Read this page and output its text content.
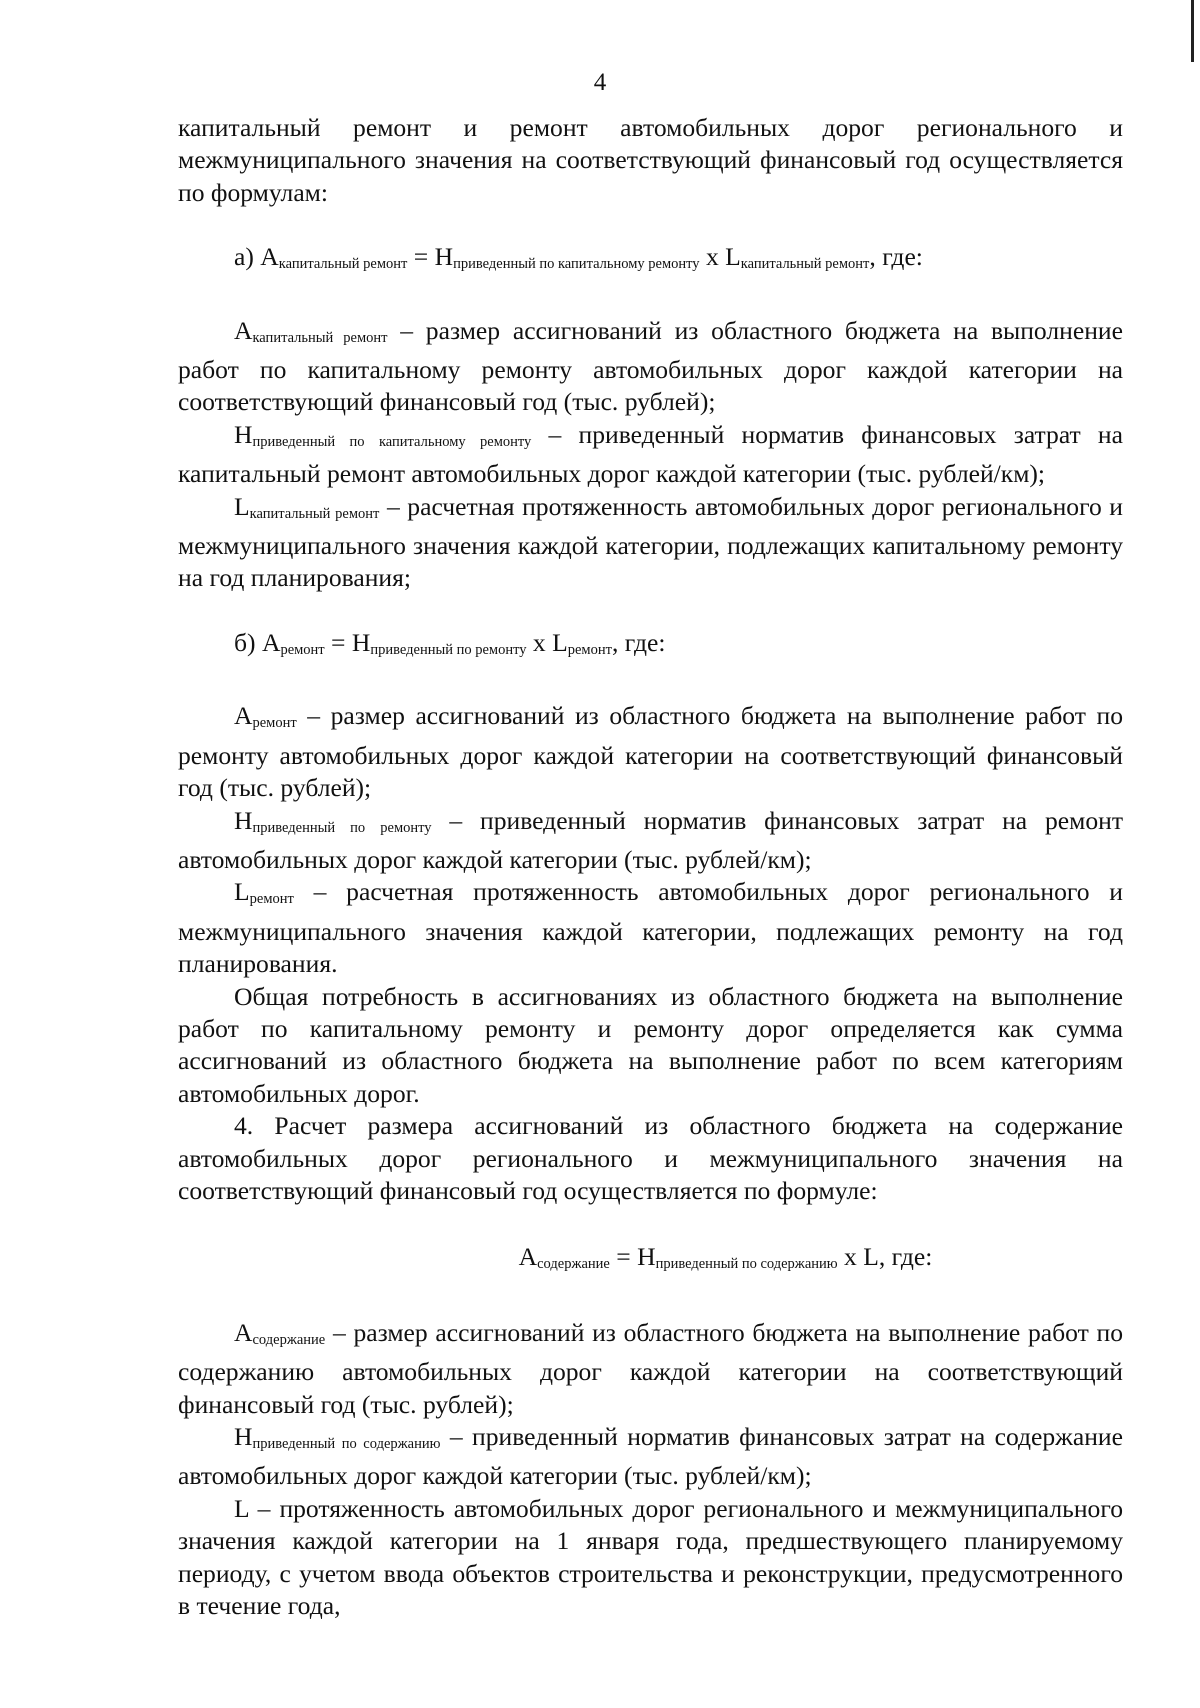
4

капитальный ремонт и ремонт автомобильных дорог регионального и межмуниципального значения на соответствующий финансовый год осуществляется по формулам:

а) $A_{капитальный ремонт} = H_{приведенный по капитальному ремонту}$ x $L_{капитальный ремонт}$, где:

$A_{капитальный ремонт}$ – размер ассигнований из областного бюджета на выполнение работ по капитальному ремонту автомобильных дорог каждой категории на соответствующий финансовый год (тыс. рублей);

$H_{приведенный по капитальному ремонту}$ – приведенный норматив финансовых затрат на капитальный ремонт автомобильных дорог каждой категории (тыс. рублей/км);

$L_{капитальный ремонт}$ – расчетная протяженность автомобильных дорог регионального и межмуниципального значения каждой категории, подлежащих капитальному ремонту на год планирования;

б) $A_{ремонт} = H_{приведенный по ремонту}$ x $L_{ремонт}$, где:

$A_{ремонт}$ – размер ассигнований из областного бюджета на выполнение работ по ремонту автомобильных дорог каждой категории на соответствующий финансовый год (тыс. рублей);

$H_{приведенный по ремонту}$ – приведенный норматив финансовых затрат на ремонт автомобильных дорог каждой категории (тыс. рублей/км);

$L_{ремонт}$ – расчетная протяженность автомобильных дорог регионального и межмуниципального значения каждой категории, подлежащих ремонту на год планирования.

Общая потребность в ассигнованиях из областного бюджета на выполнение работ по капитальному ремонту и ремонту дорог определяется как сумма ассигнований из областного бюджета на выполнение работ по всем категориям автомобильных дорог.

4. Расчет размера ассигнований из областного бюджета на содержание автомобильных дорог регионального и межмуниципального значения на соответствующий финансовый год осуществляется по формуле:

$A_{содержание} = H_{приведенный по содержанию}$ x L, где:

$A_{содержание}$ – размер ассигнований из областного бюджета на выполнение работ по содержанию автомобильных дорог каждой категории на соответствующий финансовый год (тыс. рублей);

$H_{приведенный по содержанию}$ – приведенный норматив финансовых затрат на содержание автомобильных дорог каждой категории (тыс. рублей/км);

L – протяженность автомобильных дорог регионального и межмуниципального значения каждой категории на 1 января года, предшествующего планируемому периоду, с учетом ввода объектов строительства и реконструкции, предусмотренного в течение года,
